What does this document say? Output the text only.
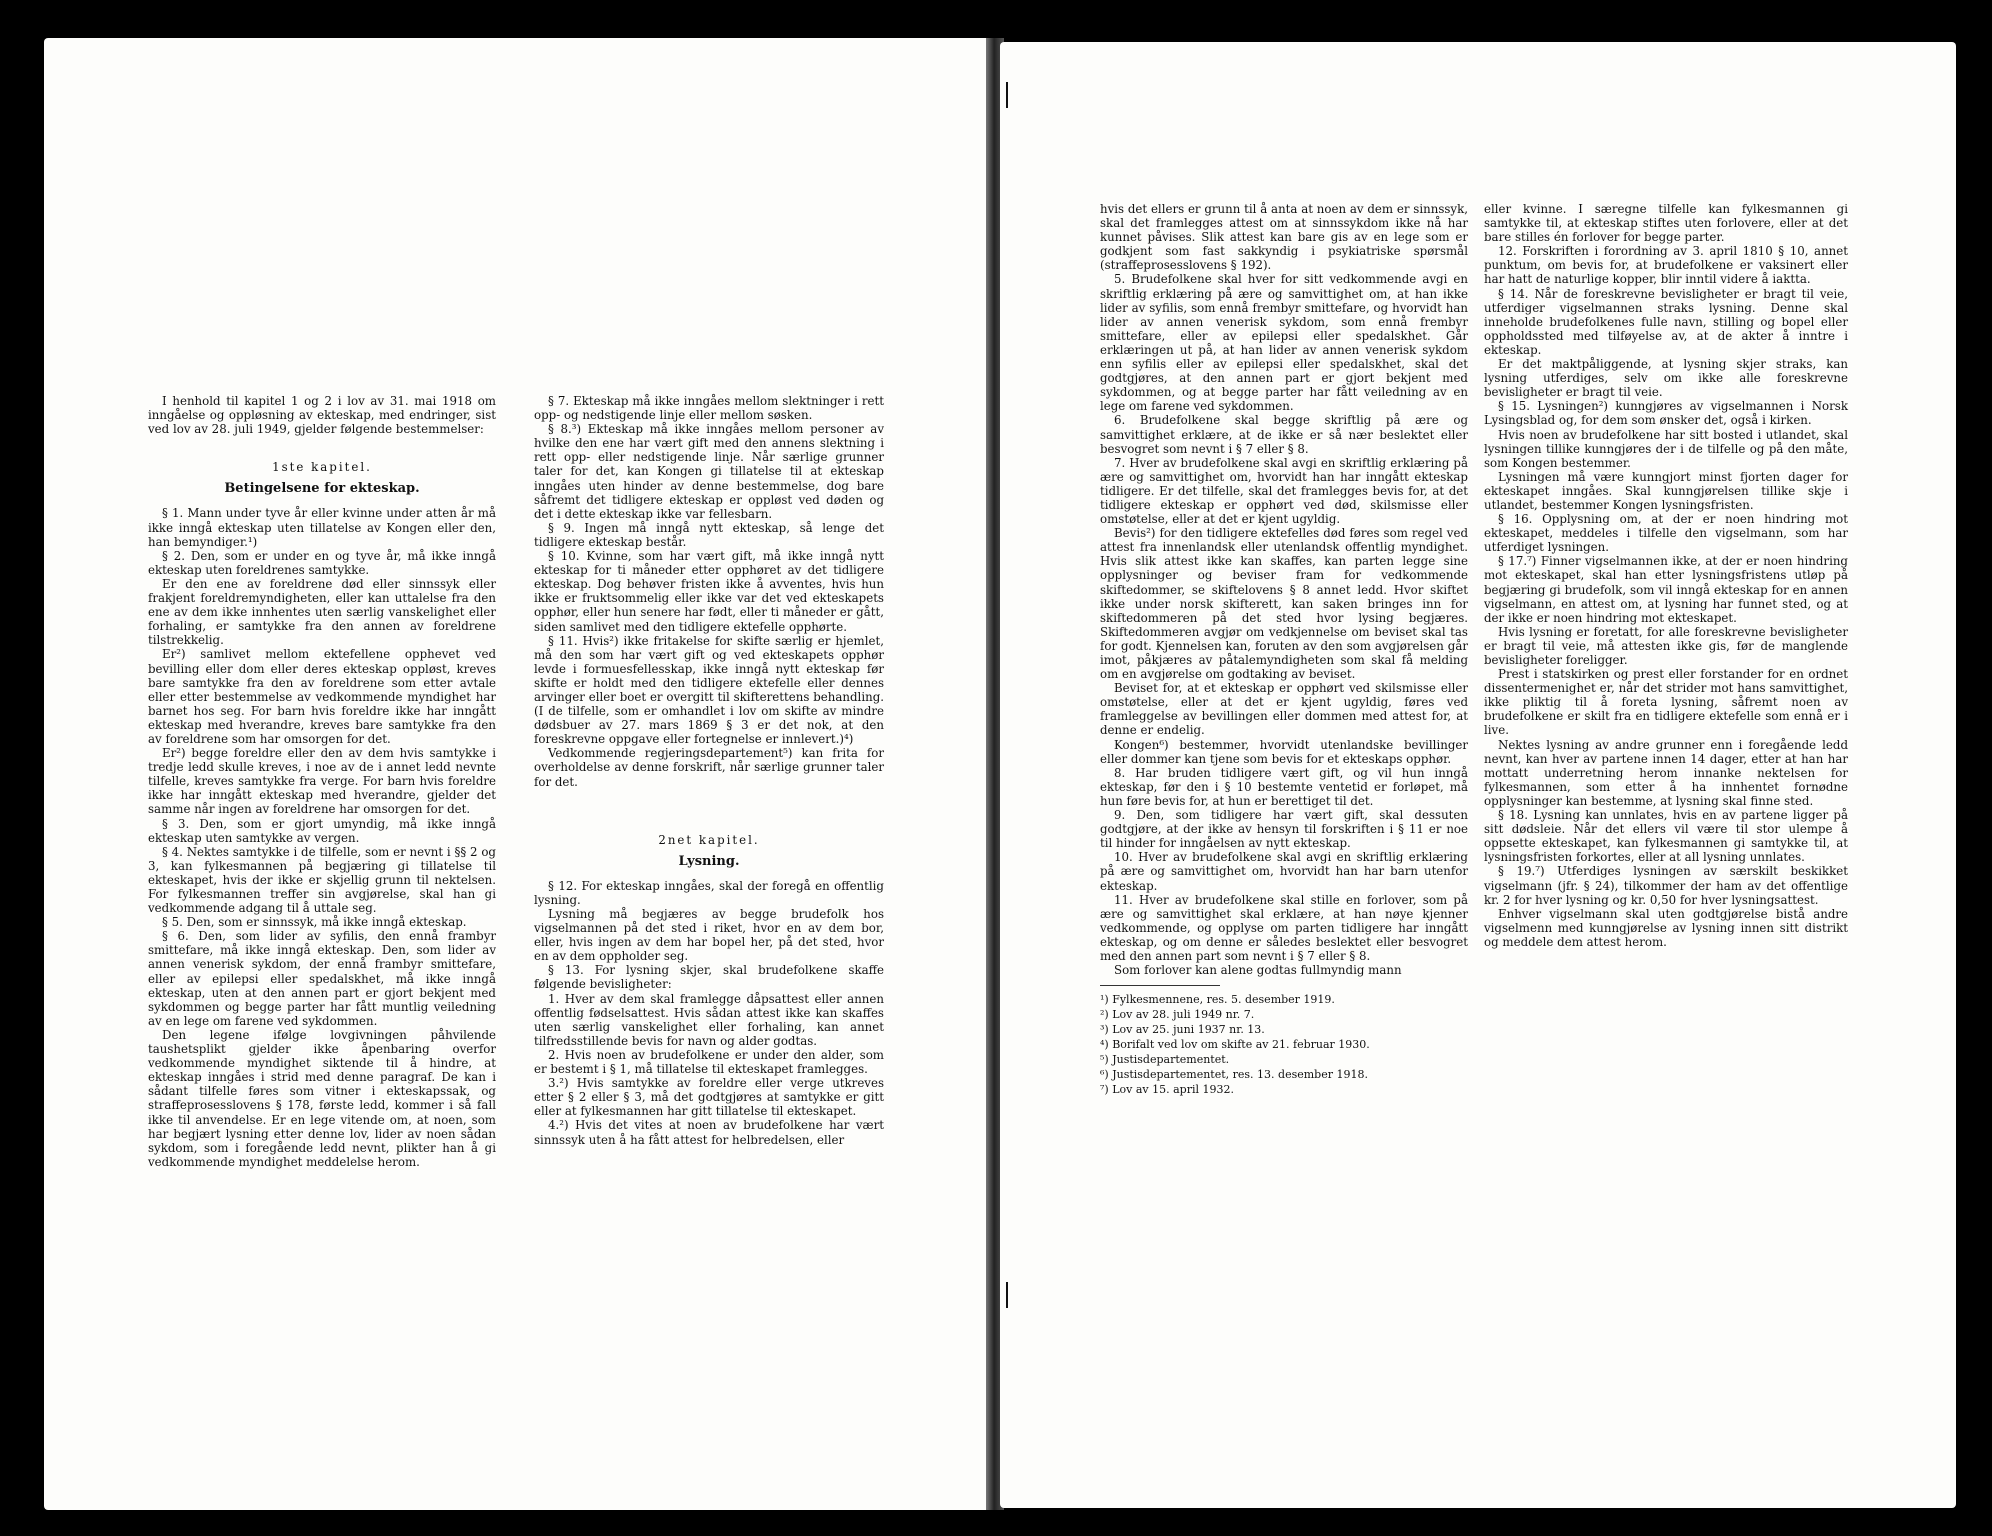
I henhold til kapitel 1 og 2 i lov av 31. mai 1918 om inngåelse og oppløsning av ekteskap, med endringer, sist ved lov av 28. juli 1949, gjelder følgende bestemmelser:

1ste kapitel.

Betingelsene for ekteskap.

§ 1. Mann under tyve år eller kvinne under atten år må ikke inngå ekteskap uten tillatelse av Kongen eller den, han bemyndiger.¹)

§ 2. Den, som er under en og tyve år, må ikke inngå ekteskap uten foreldrenes samtykke.

Er den ene av foreldrene død eller sinnssyk eller frakjent foreldremyndigheten, eller kan uttalelse fra den ene av dem ikke innhentes uten særlig vanskelighet eller forhaling, er samtykke fra den annen av foreldrene tilstrekkelig.

Er²) samlivet mellom ektefellene opphevet ved bevilling eller dom eller deres ekteskap oppløst, kreves bare samtykke fra den av foreldrene som etter avtale eller etter bestemmelse av vedkommende myndighet har barnet hos seg. For barn hvis foreldre ikke har inngått ekteskap med hverandre, kreves bare samtykke fra den av foreldrene som har omsorgen for det.

Er²) begge foreldre eller den av dem hvis samtykke i tredje ledd skulle kreves, i noe av de i annet ledd nevnte tilfelle, kreves samtykke fra verge. For barn hvis foreldre ikke har inngått ekteskap med hverandre, gjelder det samme når ingen av foreldrene har omsorgen for det.

§ 3. Den, som er gjort umyndig, må ikke inngå ekteskap uten samtykke av vergen.

§ 4. Nektes samtykke i de tilfelle, som er nevnt i §§ 2 og 3, kan fylkesmannen på begjæring gi tillatelse til ekteskapet, hvis der ikke er skjellig grunn til nektelsen. For fylkesmannen treffer sin avgjørelse, skal han gi vedkommende adgang til å uttale seg.

§ 5. Den, som er sinnssyk, må ikke inngå ekteskap.

§ 6. Den, som lider av syfilis, den ennå frambyr smittefare, må ikke inngå ekteskap. Den, som lider av annen venerisk sykdom, der ennå frambyr smittefare, eller av epilepsi eller spedalskhet, må ikke inngå ekteskap, uten at den annen part er gjort bekjent med sykdommen og begge parter har fått muntlig veiledning av en lege om farene ved sykdommen.

Den legene ifølge lovgivningen påhvilende taushetsplikt gjelder ikke åpenbaring overfor vedkommende myndighet siktende til å hindre, at ekteskap inngåes i strid med denne paragraf. De kan i sådant tilfelle føres som vitner i ekteskapssak, og straffeprosesslovens § 178, første ledd, kommer i så fall ikke til anvendelse. Er en lege vitende om, at noen, som har begjært lysning etter denne lov, lider av noen sådan sykdom, som i foregående ledd nevnt, plikter han å gi vedkommende myndighet meddelelse herom.

§ 7. Ekteskap må ikke inngåes mellom slektninger i rett opp- og nedstigende linje eller mellom søsken.

§ 8.³) Ekteskap må ikke inngåes mellom personer av hvilke den ene har vært gift med den annens slektning i rett opp- eller nedstigende linje. Når særlige grunner taler for det, kan Kongen gi tillatelse til at ekteskap inngåes uten hinder av denne bestemmelse, dog bare såfremt det tidligere ekteskap er oppløst ved døden og det i dette ekteskap ikke var fellesbarn.

§ 9. Ingen må inngå nytt ekteskap, så lenge det tidligere ekteskap består.

§ 10. Kvinne, som har vært gift, må ikke inngå nytt ekteskap for ti måneder etter opphøret av det tidligere ekteskap. Dog behøver fristen ikke å avventes, hvis hun ikke er fruktsommelig eller ikke var det ved ekteskapets opphør, eller hun senere har født, eller ti måneder er gått, siden samlivet med den tidligere ektefelle opphørte.

§ 11. Hvis²) ikke fritakelse for skifte særlig er hjemlet, må den som har vært gift og ved ekteskapets opphør levde i formuesfellesskap, ikke inngå nytt ekteskap før skifte er holdt med den tidligere ektefelle eller dennes arvinger eller boet er overgitt til skifterettens behandling. (I de tilfelle, som er omhandlet i lov om skifte av mindre dødsbuer av 27. mars 1869 § 3 er det nok, at den foreskrevne oppgave eller fortegnelse er innlevert.)⁴)

Vedkommende regjeringsdepartement⁵) kan frita for overholdelse av denne forskrift, når særlige grunner taler for det.

2net kapitel.

Lysning.

§ 12. For ekteskap inngåes, skal der foregå en offentlig lysning.

Lysning må begjæres av begge brudefolk hos vigselmannen på det sted i riket, hvor en av dem bor, eller, hvis ingen av dem har bopel her, på det sted, hvor en av dem oppholder seg.

§ 13. For lysning skjer, skal brudefolkene skaffe følgende bevisligheter:

1. Hver av dem skal framlegge dåpsattest eller annen offentlig fødselsattest. Hvis sådan attest ikke kan skaffes uten særlig vanskelighet eller forhaling, kan annet tilfredsstillende bevis for navn og alder godtas.

2. Hvis noen av brudefolkene er under den alder, som er bestemt i § 1, må tillatelse til ekteskapet framlegges.

3.²) Hvis samtykke av foreldre eller verge utkreves etter § 2 eller § 3, må det godtgjøres at samtykke er gitt eller at fylkesmannen har gitt tillatelse til ekteskapet.

4.²) Hvis det vites at noen av brudefolkene har vært sinnssyk uten å ha fått attest for helbredelsen, eller

hvis det ellers er grunn til å anta at noen av dem er sinnssyk, skal det framlegges attest om at sinnssykdom ikke nå har kunnet påvises. Slik attest kan bare gis av en lege som er godkjent som fast sakkyndig i psykiatriske spørsmål (straffeprosesslovens § 192).

5. Brudefolkene skal hver for sitt vedkommende avgi en skriftlig erklæring på ære og samvittighet om, at han ikke lider av syfilis, som ennå frembyr smittefare, og hvorvidt han lider av annen venerisk sykdom, som ennå frembyr smittefare, eller av epilepsi eller spedalskhet. Går erklæringen ut på, at han lider av annen venerisk sykdom enn syfilis eller av epilepsi eller spedalskhet, skal det godtgjøres, at den annen part er gjort bekjent med sykdommen, og at begge parter har fått veiledning av en lege om farene ved sykdommen.

6. Brudefolkene skal begge skriftlig på ære og samvittighet erklære, at de ikke er så nær beslektet eller besvogret som nevnt i § 7 eller § 8.

7. Hver av brudefolkene skal avgi en skriftlig erklæring på ære og samvittighet om, hvorvidt han har inngått ekteskap tidligere. Er det tilfelle, skal det framlegges bevis for, at det tidligere ekteskap er opphørt ved død, skilsmisse eller omstøtelse, eller at det er kjent ugyldig.

Bevis²) for den tidligere ektefelles død føres som regel ved attest fra innenlandsk eller utenlandsk offentlig myndighet. Hvis slik attest ikke kan skaffes, kan parten legge sine opplysninger og beviser fram for vedkommende skiftedommer, se skiftelovens § 8 annet ledd. Hvor skiftet ikke under norsk skifterett, kan saken bringes inn for skiftedommeren på det sted hvor lysing begjæres. Skiftedommeren avgjør om vedkjennelse om beviset skal tas for godt. Kjennelsen kan, foruten av den som avgjørelsen går imot, påkjæres av påtalemyndigheten som skal få melding om en avgjørelse om godtaking av beviset.

Beviset for, at et ekteskap er opphørt ved skilsmisse eller omstøtelse, eller at det er kjent ugyldig, føres ved framleggelse av bevillingen eller dommen med attest for, at denne er endelig.

Kongen⁶) bestemmer, hvorvidt utenlandske bevillinger eller dommer kan tjene som bevis for et ekteskaps opphør.

8. Har bruden tidligere vært gift, og vil hun inngå ekteskap, før den i § 10 bestemte ventetid er forløpet, må hun føre bevis for, at hun er berettiget til det.

9. Den, som tidligere har vært gift, skal dessuten godtgjøre, at der ikke av hensyn til forskriften i § 11 er noe til hinder for inngåelsen av nytt ekteskap.

10. Hver av brudefolkene skal avgi en skriftlig erklæring på ære og samvittighet om, hvorvidt han har barn utenfor ekteskap.

11. Hver av brudefolkene skal stille en forlover, som på ære og samvittighet skal erklære, at han nøye kjenner vedkommende, og opplyse om parten tidligere har inngått ekteskap, og om denne er således beslektet eller besvogret med den annen part som nevnt i § 7 eller § 8.

Som forlover kan alene godtas fullmyndig mann

¹) Fylkesmennene, res. 5. desember 1919.

²) Lov av 28. juli 1949 nr. 7.

³) Lov av 25. juni 1937 nr. 13.

⁴) Borifalt ved lov om skifte av 21. februar 1930.

⁵) Justisdepartementet.

⁶) Justisdepartementet, res. 13. desember 1918.

⁷) Lov av 15. april 1932.

eller kvinne. I særegne tilfelle kan fylkesmannen gi samtykke til, at ekteskap stiftes uten forlovere, eller at det bare stilles én forlover for begge parter.

12. Forskriften i forordning av 3. april 1810 § 10, annet punktum, om bevis for, at brudefolkene er vaksinert eller har hatt de naturlige kopper, blir inntil videre å iaktta.

§ 14. Når de foreskrevne bevisligheter er bragt til veie, utferdiger vigselmannen straks lysning. Denne skal inneholde brudefolkenes fulle navn, stilling og bopel eller oppholdssted med tilføyelse av, at de akter å inntre i ekteskap.

Er det maktpåliggende, at lysning skjer straks, kan lysning utferdiges, selv om ikke alle foreskrevne bevisligheter er bragt til veie.

§ 15. Lysningen²) kunngjøres av vigselmannen i Norsk Lysingsblad og, for dem som ønsker det, også i kirken.

Hvis noen av brudefolkene har sitt bosted i utlandet, skal lysningen tillike kunngjøres der i de tilfelle og på den måte, som Kongen bestemmer.

Lysningen må være kunngjort minst fjorten dager for ekteskapet inngåes. Skal kunngjørelsen tillike skje i utlandet, bestemmer Kongen lysningsfristen.

§ 16. Opplysning om, at der er noen hindring mot ekteskapet, meddeles i tilfelle den vigselmann, som har utferdiget lysningen.

§ 17.⁷) Finner vigselmannen ikke, at der er noen hindring mot ekteskapet, skal han etter lysningsfristens utløp på begjæring gi brudefolk, som vil inngå ekteskap for en annen vigselmann, en attest om, at lysning har funnet sted, og at der ikke er noen hindring mot ekteskapet.

Hvis lysning er foretatt, for alle foreskrevne bevisligheter er bragt til veie, må attesten ikke gis, før de manglende bevisligheter foreligger.

Prest i statskirken og prest eller forstander for en ordnet dissentermenighet er, når det strider mot hans samvittighet, ikke pliktig til å foreta lysning, såfremt noen av brudefolkene er skilt fra en tidligere ektefelle som ennå er i live.

Nektes lysning av andre grunner enn i foregående ledd nevnt, kan hver av partene innen 14 dager, etter at han har mottatt underretning herom innanke nektelsen for fylkesmannen, som etter å ha innhentet fornødne opplysninger kan bestemme, at lysning skal finne sted.

§ 18. Lysning kan unnlates, hvis en av partene ligger på sitt dødsleie. Når det ellers vil være til stor ulempe å oppsette ekteskapet, kan fylkesmannen gi samtykke til, at lysningsfristen forkortes, eller at all lysning unnlates.

§ 19.⁷) Utferdiges lysningen av særskilt beskikket vigselmann (jfr. § 24), tilkommer der ham av det offentlige kr. 2 for hver lysning og kr. 0,50 for hver lysningsattest.

Enhver vigselmann skal uten godtgjørelse bistå andre vigselmenn med kunngjørelse av lysning innen sitt distrikt og meddele dem attest herom.
